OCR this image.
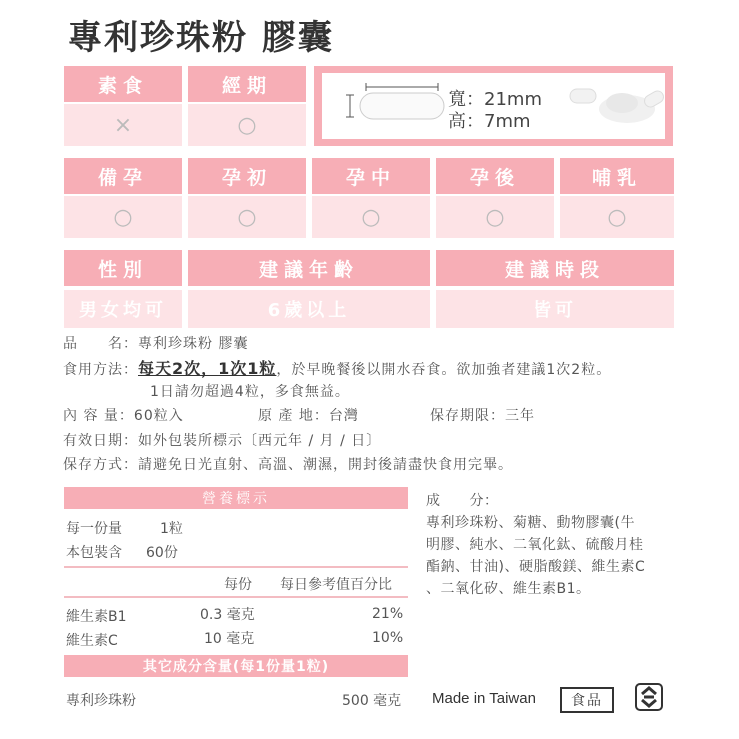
專利珍珠粉 膠囊
素食	經期
×	○
寬：21mm
高：7mm
備孕	孕初	孕中	孕後	哺乳
○	○	○	○	○
性別	建議年齡	建議時段
男女均可	6歲以上	皆可
品　　名：專利珍珠粉 膠囊
食用方法：每天2次，1次1粒，於早晚餐後以開水吞食。欲加強者建議1次2粒。
1日請勿超過4粒，多食無益。
內 容 量：60粒入	原 產 地：台灣	保存期限：三年
有效日期：如外包裝所標示〔西元年 / 月 / 日〕
保存方式：請避免日光直射、高溫、潮濕，開封後請盡快食用完畢。
營養標示
每一份量	1粒
本包裝含 60份
每份 每日參考值百分比
維生素B1	0.3 毫克	21%
維生素C	10 毫克	10%
其它成分含量(每1份量1粒)
專利珍珠粉	500 毫克
成　　分：
專利珍珠粉、菊糖、動物膠囊(牛
明膠、純水、二氧化鈦、硫酸月桂
酯鈉、甘油)、硬脂酸鎂、維生素C
、二氧化矽、維生素B1。
Made in Taiwan	食品
